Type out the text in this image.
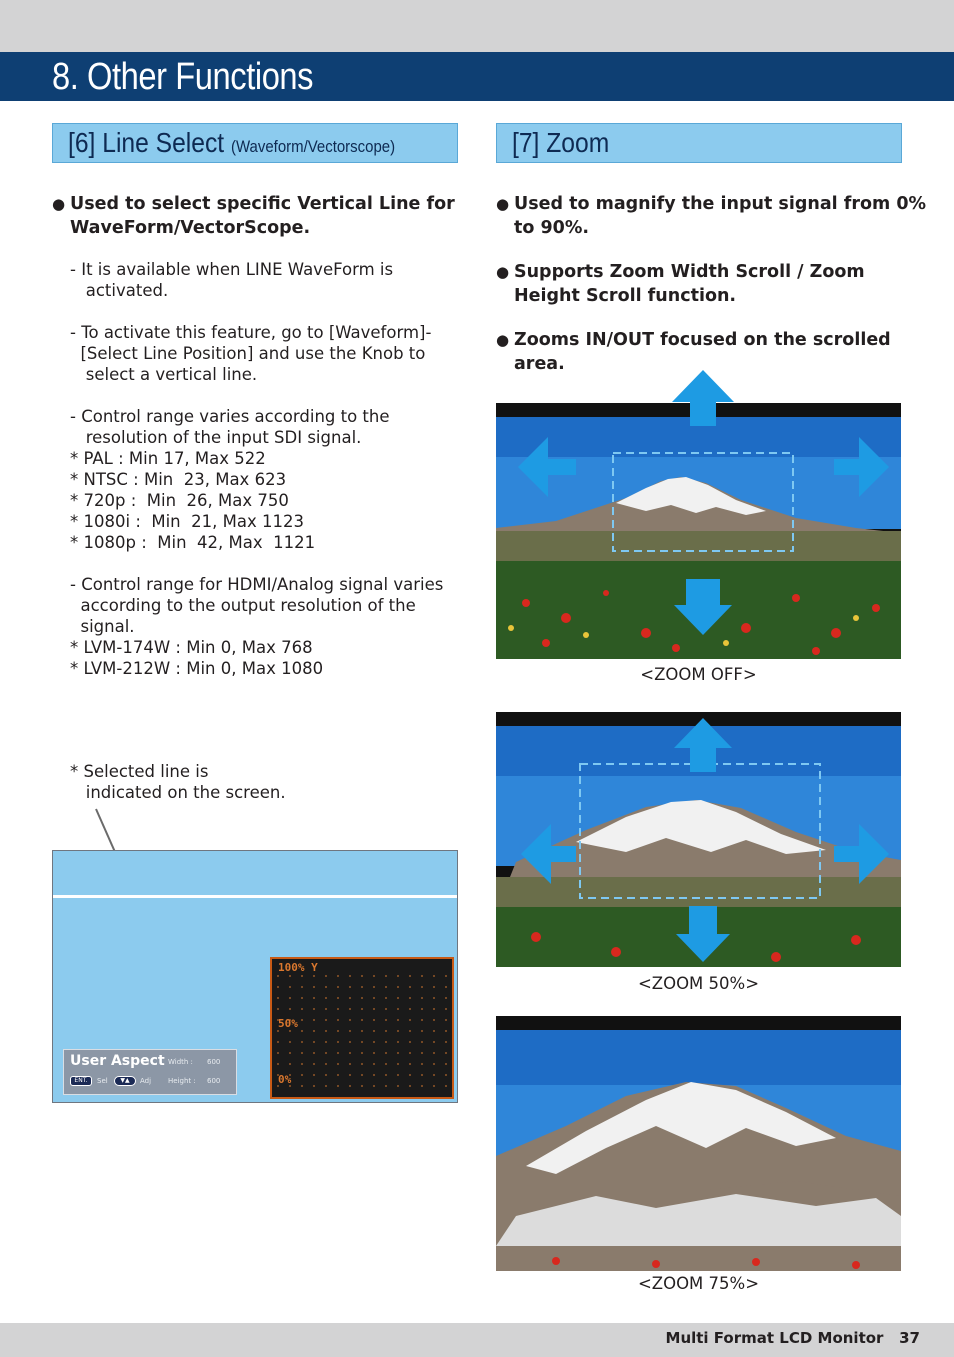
8. Other Functions
[6] Line Select (Waveform/Vectorscope)	[7] Zoom
● Used to select specific Vertical Line for
WaveForm/VectorScope.
- It is available when LINE WaveForm is
activated.

- To activate this feature, go to [Waveform]-
[Select Line Position] and use the Knob to
select a vertical line.

- Control range varies according to the
resolution of the input SDI signal.
* PAL : Min 17, Max 522
* NTSC : Min  23, Max 623
* 720p :  Min  26, Max 750
* 1080i :  Min  21, Max 1123
* 1080p :  Min  42, Max  1121

- Control range for HDMI/Analog signal varies
according to the output resolution of the
signal.
* LVM-174W : Min 0, Max 768
* LVM-212W : Min 0, Max 1080
* Selected line is
indicated on the screen.
User Aspect Width : 600
Height : 600
ENT.	Sel	▼▲	Adj
100% Y
50%
0%
● Used to magnify the input signal from 0%
to 90%.
● Supports Zoom Width Scroll / Zoom
Height Scroll function.
● Zooms IN/OUT focused on the scrolled
area.
<ZOOM OFF>
<ZOOM 50%>
<ZOOM 75%>
Multi Format LCD Monitor 37
